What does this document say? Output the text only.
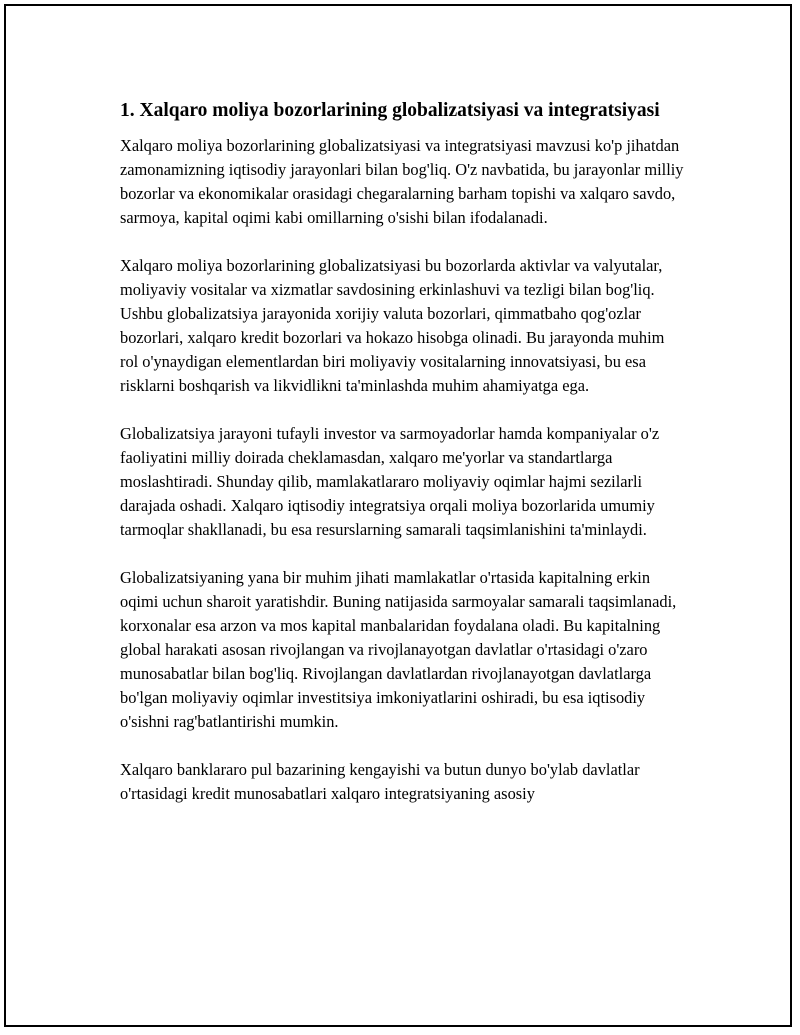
1. Xalqaro moliya bozorlarining globalizatsiyasi va integratsiyasi

Xalqaro moliya bozorlarining globalizatsiyasi va integratsiyasi mavzusi ko'p jihatdan zamonamizning iqtisodiy jarayonlari bilan bog'liq. O'z navbatida, bu jarayonlar milliy bozorlar va ekonomikalar orasidagi chegaralarning barham topishi va xalqaro savdo, sarmoya, kapital oqimi kabi omillarning o'sishi bilan ifodalanadi.

Xalqaro moliya bozorlarining globalizatsiyasi bu bozorlarda aktivlar va valyutalar, moliyaviy vositalar va xizmatlar savdosining erkinlashuvi va tezligi bilan bog'liq. Ushbu globalizatsiya jarayonida xorijiy valuta bozorlari, qimmatbaho qog'ozlar bozorlari, xalqaro kredit bozorlari va hokazo hisobga olinadi. Bu jarayonda muhim rol o'ynaydigan elementlardan biri moliyaviy vositalarning innovatsiyasi, bu esa risklarni boshqarish va likvidlikni ta'minlashda muhim ahamiyatga ega.

Globalizatsiya jarayoni tufayli investor va sarmoyadorlar hamda kompaniyalar o'z faoliyatini milliy doirada cheklamasdan, xalqaro me'yorlar va standartlarga moslashtiradi. Shunday qilib, mamlakatlararo moliyaviy oqimlar hajmi sezilarli darajada oshadi. Xalqaro iqtisodiy integratsiya orqali moliya bozorlarida umumiy tarmoqlar shakllanadi, bu esa resurslarning samarali taqsimlanishini ta'minlaydi.

Globalizatsiyaning yana bir muhim jihati mamlakatlar o'rtasida kapitalning erkin oqimi uchun sharoit yaratishdir. Buning natijasida sarmoyalar samarali taqsimlanadi, korxonalar esa arzon va mos kapital manbalaridan foydalana oladi. Bu kapitalning global harakati asosan rivojlangan va rivojlanayotgan davlatlar o'rtasidagi o'zaro munosabatlar bilan bog'liq. Rivojlangan davlatlardan rivojlanayotgan davlatlarga bo'lgan moliyaviy oqimlar investitsiya imkoniyatlarini oshiradi, bu esa iqtisodiy o'sishni rag'batlantirishi mumkin.

Xalqaro banklararo pul bazarining kengayishi va butun dunyo bo'ylab davlatlar o'rtasidagi kredit munosabatlari xalqaro integratsiyaning asosiy
